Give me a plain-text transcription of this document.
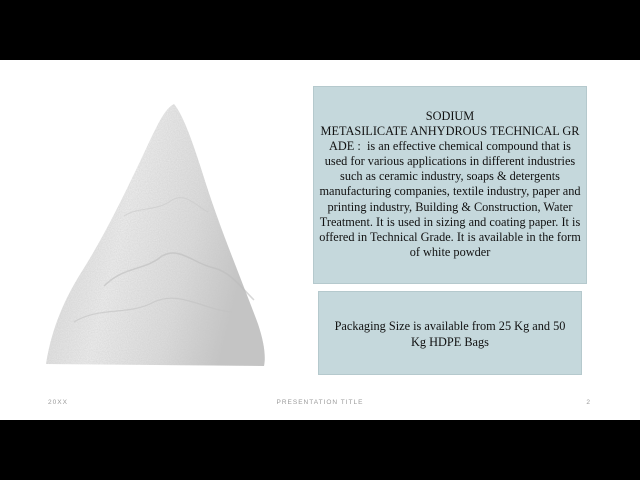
SODIUM
METASILICATE ANHYDROUS TECHNICAL GRADE : is an effective chemical compound that is used for various applications in different industries such as ceramic industry, soaps & detergents manufacturing companies, textile industry, paper and printing industry, Building & Construction, Water Treatment. It is used in sizing and coating paper. It is offered in Technical Grade. It is available in the form of white powder
Packaging Size is available from 25 Kg and 50 Kg HDPE Bags
20XX	PRESENTATION TITLE	2
